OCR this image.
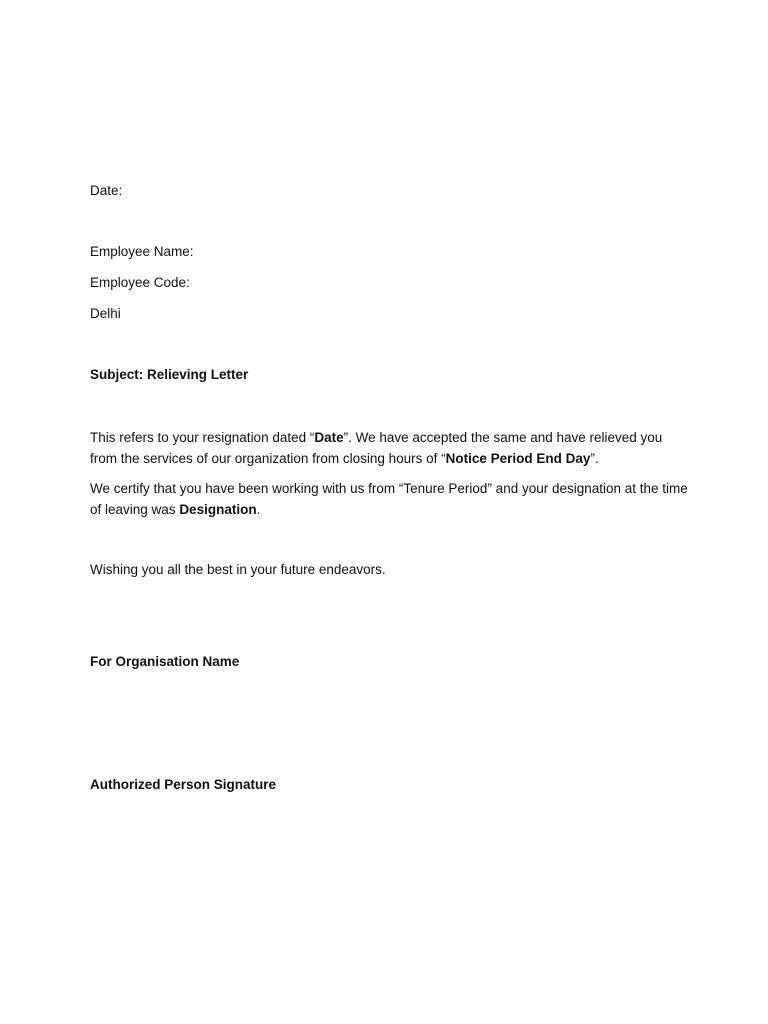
Date:
Employee Name:
Employee Code:
Delhi
Subject: Relieving Letter
This refers to your resignation dated “Date”. We have accepted the same and have relieved you from the services of our organization from closing hours of “Notice Period End Day”.
We certify that you have been working with us from “Tenure Period” and your designation at the time of leaving was Designation.
Wishing you all the best in your future endeavors.
For Organisation Name
Authorized Person Signature
